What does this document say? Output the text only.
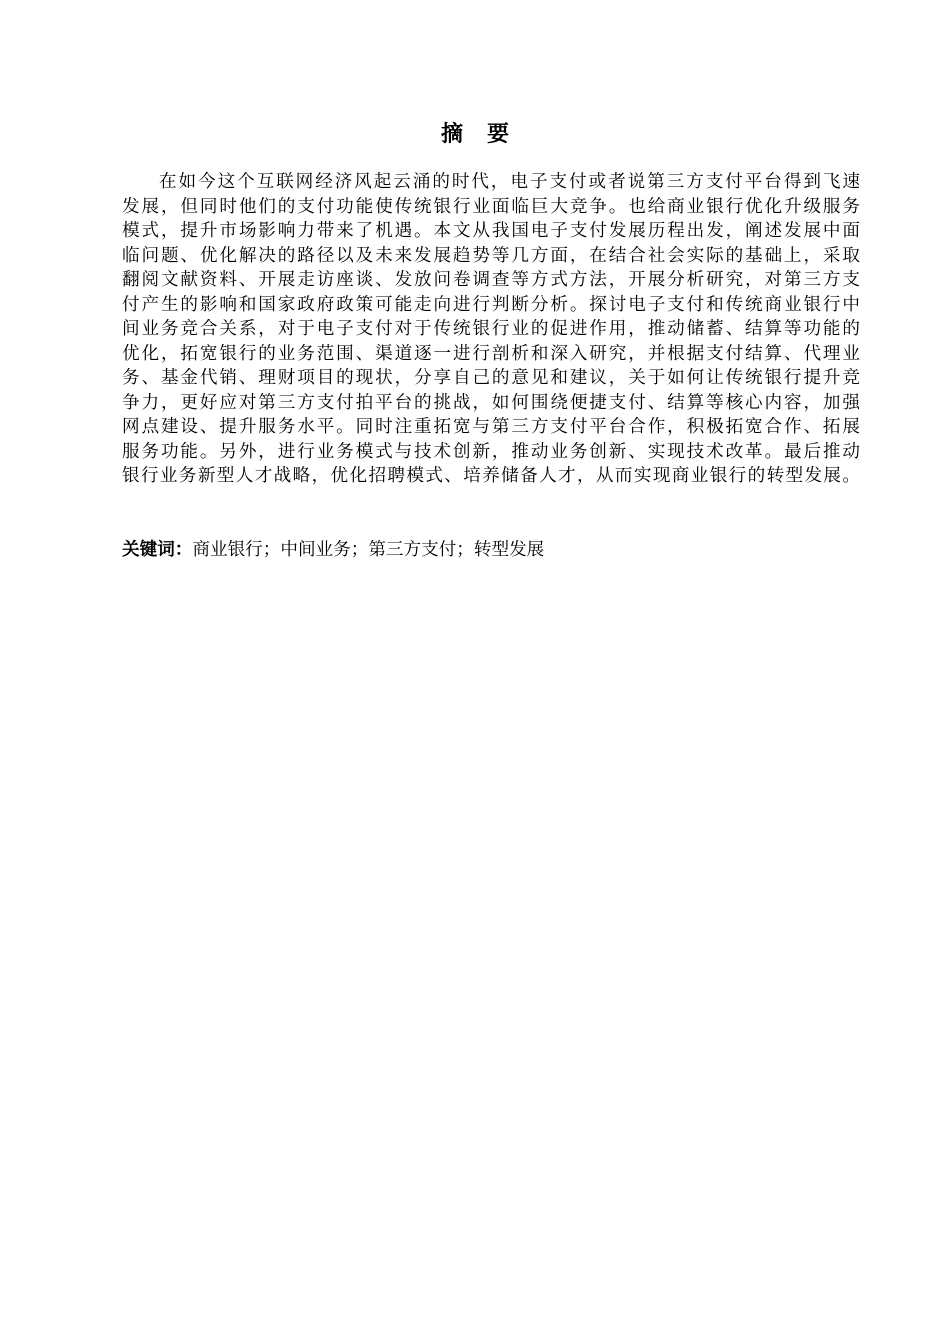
摘 要
在如今这个互联网经济风起云涌的时代，电子支付或者说第三方支付平台得到飞速
发展，但同时他们的支付功能使传统银行业面临巨大竞争。也给商业银行优化升级服务
模式，提升市场影响力带来了机遇。本文从我国电子支付发展历程出发，阐述发展中面
临问题、优化解决的路径以及未来发展趋势等几方面，在结合社会实际的基础上，采取
翻阅文献资料、开展走访座谈、发放问卷调查等方式方法，开展分析研究，对第三方支
付产生的影响和国家政府政策可能走向进行判断分析。探讨电子支付和传统商业银行中
间业务竞合关系，对于电子支付对于传统银行业的促进作用，推动储蓄、结算等功能的
优化，拓宽银行的业务范围、渠道逐一进行剖析和深入研究，并根据支付结算、代理业
务、基金代销、理财项目的现状，分享自己的意见和建议，关于如何让传统银行提升竞
争力，更好应对第三方支付拍平台的挑战，如何围绕便捷支付、结算等核心内容，加强
网点建设、提升服务水平。同时注重拓宽与第三方支付平台合作，积极拓宽合作、拓展
服务功能。另外，进行业务模式与技术创新，推动业务创新、实现技术改革。最后推动
银行业务新型人才战略，优化招聘模式、培养储备人才，从而实现商业银行的转型发展。
关键词：商业银行；中间业务；第三方支付；转型发展
